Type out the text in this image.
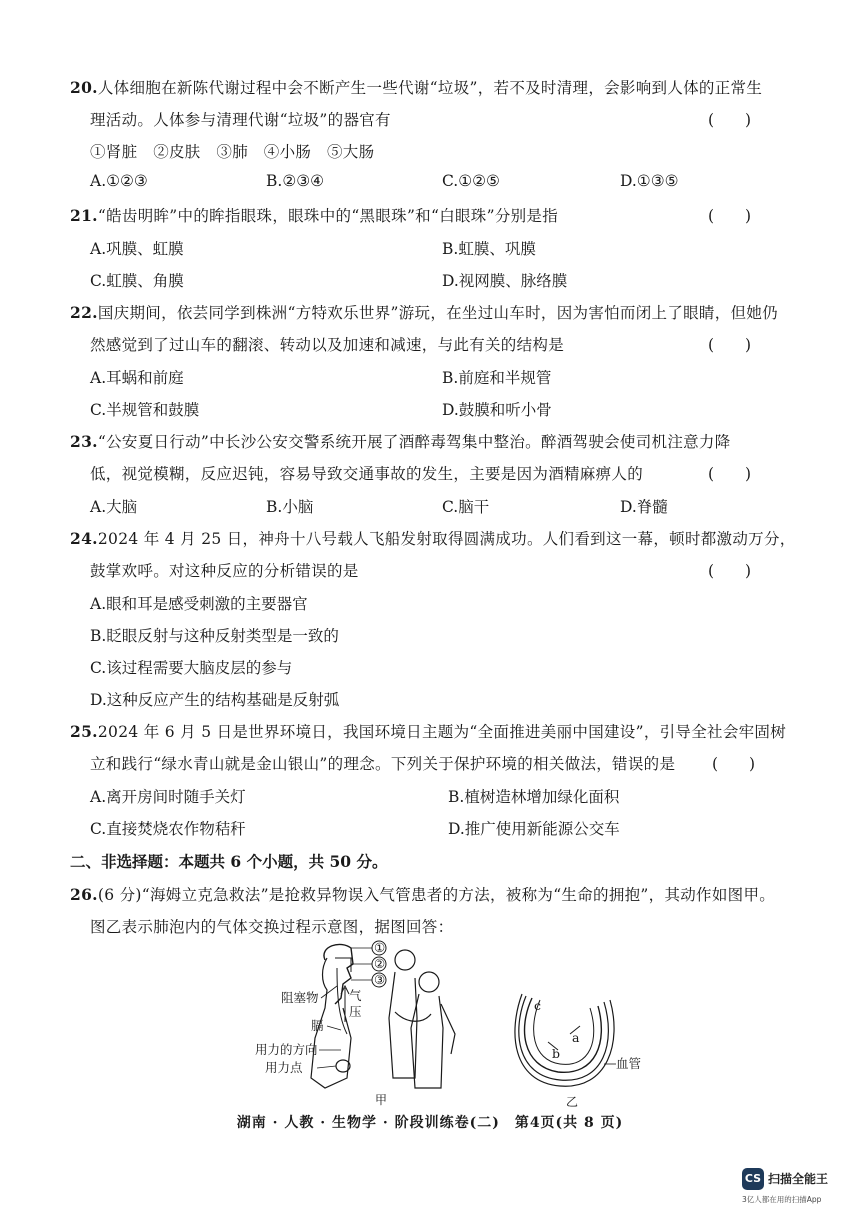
20.人体细胞在新陈代谢过程中会不断产生一些代谢“垃圾”，若不及时清理，会影响到人体的正常生
理活动。人体参与清理代谢“垃圾”的器官有	(　　)
①肾脏　②皮肤　③肺　④小肠　⑤大肠
A.①②③	B.②③④	C.①②⑤	D.①③⑤
21.“皓齿明眸”中的眸指眼珠，眼珠中的“黑眼珠”和“白眼珠”分别是指	(　　)
A.巩膜、虹膜	B.虹膜、巩膜
C.虹膜、角膜	D.视网膜、脉络膜
22.国庆期间，依芸同学到株洲“方特欢乐世界”游玩，在坐过山车时，因为害怕而闭上了眼睛，但她仍
然感觉到了过山车的翻滚、转动以及加速和减速，与此有关的结构是	(　　)
A.耳蜗和前庭	B.前庭和半规管
C.半规管和鼓膜	D.鼓膜和听小骨
23.“公安夏日行动”中长沙公安交警系统开展了酒醉毒驾集中整治。醉酒驾驶会使司机注意力降
低，视觉模糊，反应迟钝，容易导致交通事故的发生，主要是因为酒精麻痹人的	(　　)
A.大脑	B.小脑	C.脑干	D.脊髓
24.2024 年 4 月 25 日，神舟十八号载人飞船发射取得圆满成功。人们看到这一幕，顿时都激动万分，
鼓掌欢呼。对这种反应的分析错误的是	(　　)
A.眼和耳是感受刺激的主要器官
B.眨眼反射与这种反射类型是一致的
C.该过程需要大脑皮层的参与
D.这种反应产生的结构基础是反射弧
25.2024 年 6 月 5 日是世界环境日，我国环境日主题为“全面推进美丽中国建设”，引导全社会牢固树
立和践行“绿水青山就是金山银山”的理念。下列关于保护环境的相关做法，错误的是 (　　)
A.离开房间时随手关灯	B.植树造林增加绿化面积
C.直接焚烧农作物秸秆	D.推广使用新能源公交车
二、非选择题：本题共 6 个小题，共 50 分。
26.(6 分)“海姆立克急救法”是抢救异物误入气管患者的方法，被称为“生命的拥抱”，其动作如图甲。
图乙表示肺泡内的气体交换过程示意图，据图回答：
①
②
③
阻塞物
膈
气
压
用力的方向
用力点
甲
c
a
b
血管
乙
湖南 · 人教 · 生物学 · 阶段训练卷(二)　第4页(共 8 页)
CS 扫描全能王
3亿人都在用的扫描App
